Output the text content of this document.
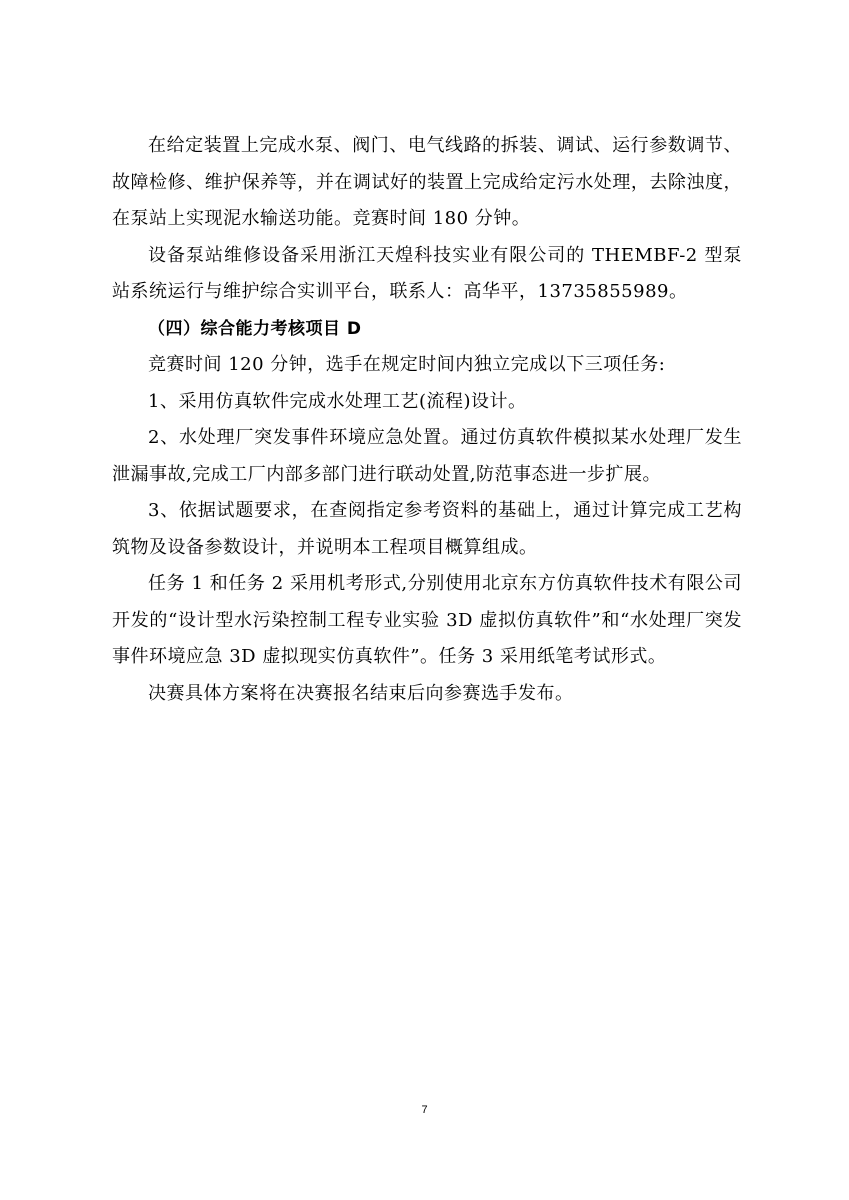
在给定装置上完成水泵、阀门、电气线路的拆装、调试、运行参数调节、故障检修、维护保养等，并在调试好的装置上完成给定污水处理，去除浊度，在泵站上实现泥水输送功能。竞赛时间 180 分钟。

设备泵站维修设备采用浙江天煌科技实业有限公司的 THEMBF-2 型泵站系统运行与维护综合实训平台，联系人：高华平，13735855989。

（四）综合能力考核项目 D

竞赛时间 120 分钟，选手在规定时间内独立完成以下三项任务:

1、采用仿真软件完成水处理工艺(流程)设计。

2、水处理厂突发事件环境应急处置。通过仿真软件模拟某水处理厂发生泄漏事故,完成工厂内部多部门进行联动处置,防范事态进一步扩展。

3、依据试题要求，在查阅指定参考资料的基础上，通过计算完成工艺构筑物及设备参数设计，并说明本工程项目概算组成。

任务 1 和任务 2 采用机考形式,分别使用北京东方仿真软件技术有限公司开发的“设计型水污染控制工程专业实验 3D 虚拟仿真软件”和“水处理厂突发事件环境应急 3D 虚拟现实仿真软件”。任务 3 采用纸笔考试形式。

决赛具体方案将在决赛报名结束后向参赛选手发布。

7
